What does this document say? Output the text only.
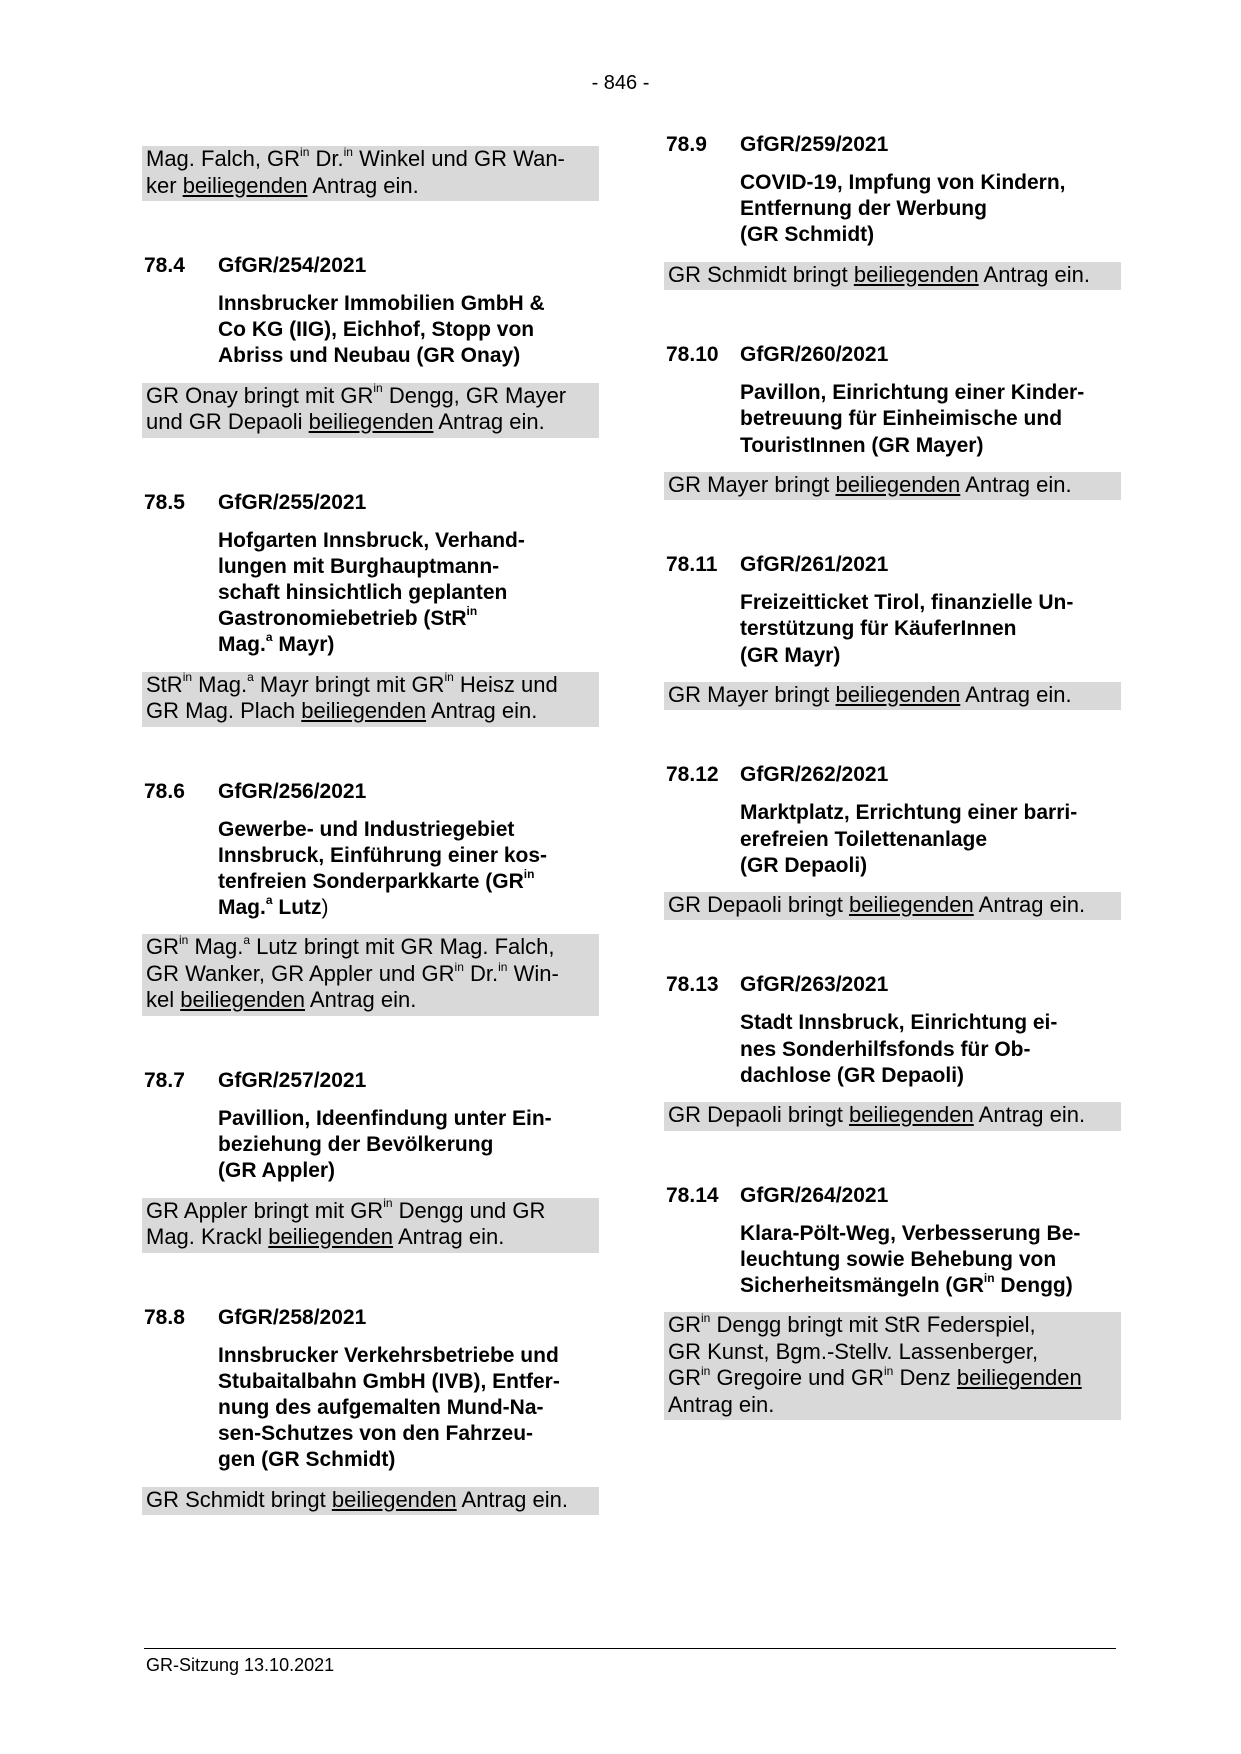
- 846 -
Mag. Falch, $GR^{in}$ Dr.$^{in}$ Winkel und GR Wan-
ker beiliegenden Antrag ein.
78.4	GfGR/254/2021
Innsbrucker Immobilien GmbH &
Co KG (IIG), Eichhof, Stopp von
Abriss und Neubau (GR Onay)
GR Onay bringt mit $GR^{in}$ Dengg, GR Mayer
und GR Depaoli beiliegenden Antrag ein.
78.5	GfGR/255/2021
Hofgarten Innsbruck, Verhand-
lungen mit Burghauptmann-
schaft hinsichtlich geplanten
Gastronomiebetrieb (StR$^{in}$
Mag.$^a$ Mayr)
StR$^{in}$ Mag.$^a$ Mayr bringt mit $GR^{in}$ Heisz und
GR Mag. Plach beiliegenden Antrag ein.
78.6	GfGR/256/2021
Gewerbe- und Industriegebiet
Innsbruck, Einführung einer kos-
tenfreien Sonderparkkarte ($GR^{in}$
Mag.$^a$ Lutz)
$GR^{in}$ Mag.$^a$ Lutz bringt mit GR Mag. Falch,
GR Wanker, GR Appler und $GR^{in}$ Dr.$^{in}$ Win-
kel beiliegenden Antrag ein.
78.7	GfGR/257/2021
Pavillion, Ideenfindung unter Ein-
beziehung der Bevölkerung
(GR Appler)
GR Appler bringt mit $GR^{in}$ Dengg und GR
Mag. Krackl beiliegenden Antrag ein.
78.8	GfGR/258/2021
Innsbrucker Verkehrsbetriebe und
Stubaitalbahn GmbH (IVB), Entfer-
nung des aufgemalten Mund-Na-
sen-Schutzes von den Fahrzeu-
gen (GR Schmidt)
GR Schmidt bringt beiliegenden Antrag ein.
78.9	GfGR/259/2021
COVID-19, Impfung von Kindern,
Entfernung der Werbung
(GR Schmidt)
GR Schmidt bringt beiliegenden Antrag ein.
78.10	GfGR/260/2021
Pavillon, Einrichtung einer Kinder-
betreuung für Einheimische und
TouristInnen (GR Mayer)
GR Mayer bringt beiliegenden Antrag ein.
78.11	GfGR/261/2021
Freizeitticket Tirol, finanzielle Un-
terstützung für KäuferInnen
(GR Mayr)
GR Mayer bringt beiliegenden Antrag ein.
78.12	GfGR/262/2021
Marktplatz, Errichtung einer barri-
erefreien Toilettenanlage
(GR Depaoli)
GR Depaoli bringt beiliegenden Antrag ein.
78.13	GfGR/263/2021
Stadt Innsbruck, Einrichtung ei-
nes Sonderhilfsfonds für Ob-
dachlose (GR Depaoli)
GR Depaoli bringt beiliegenden Antrag ein.
78.14	GfGR/264/2021
Klara-Pölt-Weg, Verbesserung Be-
leuchtung sowie Behebung von
Sicherheitsmängeln ($GR^{in}$ Dengg)
$GR^{in}$ Dengg bringt mit StR Federspiel,
GR Kunst, Bgm.-Stellv. Lassenberger,
$GR^{in}$ Gregoire und $GR^{in}$ Denz beiliegenden
Antrag ein.
GR-Sitzung 13.10.2021
